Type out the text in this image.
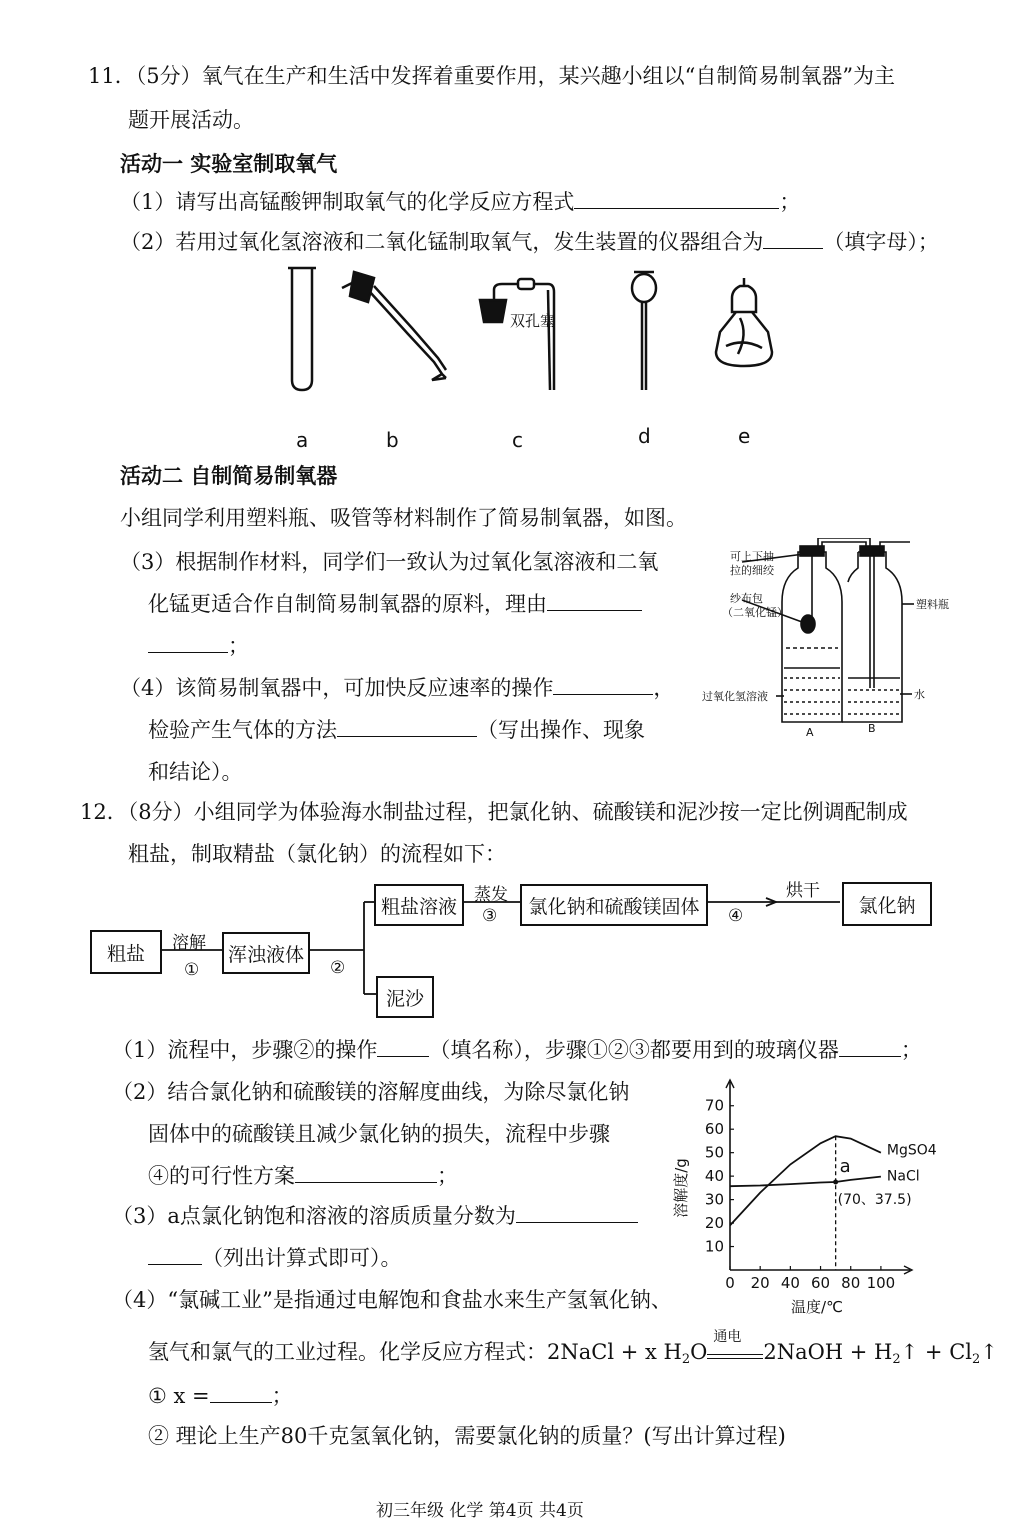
11．（5分）氧气在生产和生活中发挥着重要作用，某兴趣小组以“自制简易制氧器”为主
题开展活动。
活动一 实验室制取氧气
（1）请写出高锰酸钾制取氧气的化学反应方程式	；
（2）若用过氧化氢溶液和二氧化锰制取氧气，发生装置的仪器组合为	（填字母）；
双孔塞
a	b	c	d	e
活动二 自制简易制氧器
小组同学利用塑料瓶、吸管等材料制作了简易制氧器，如图。
（3）根据制作材料，同学们一致认为过氧化氢溶液和二氧
化锰更适合作自制简易制氧器的原料，理由
；
（4）该简易制氧器中，可加快反应速率的操作	，
检验产生气体的方法	（写出操作、现象
和结论）。
可上下抽
拉的细绞
纱布包
（二氧化锰）
塑料瓶
过氧化氢溶液	水
A	B
12．（8分）小组同学为体验海水制盐过程，把氯化钠、硫酸镁和泥沙按一定比例调配制成
粗盐，制取精盐（氯化钠）的流程如下：
粗盐	溶解
①
浑浊液体
②
粗盐溶液
蒸发
③	氯化钠和硫酸镁固体
烘干
④	氯化钠
泥沙
（1）流程中，步骤②的操作 （填名称），步骤①②③都要用到的玻璃仪器	；
（2）结合氯化钠和硫酸镁的溶解度曲线，为除尽氯化钠
固体中的硫酸镁且减少氯化钠的损失，流程中步骤
④的可行性方案	；
（3）a点氯化钠饱和溶液的溶质质量分数为
（列出计算式即可）。
（4）“氯碱工业”是指通过电解饱和食盐水来生产氢氧化钠、
氢气和氯气的工业过程。化学反应方程式：2NaCl + x $H_2O$
通电
2NaOH + $H_2↑$ + $Cl_2↑$
① x =	；
② 理论上生产80千克氢氧化钠，需要氯化钠的质量？(写出计算过程)
0 20 40 60 80 100
10
20
30
40
50
60
70
温度/℃
溶解度/g
MgSO4
NaCl
a
(70、37.5)
初三年级 化学 第4页 共4页
